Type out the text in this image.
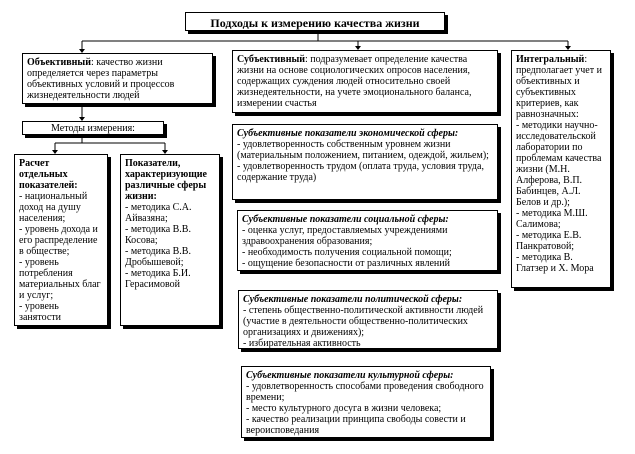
Подходы к измерению качества жизни
Объективный: качество жизни определяется через параметры объективных условий и процессов жизнедеятельности людей
Методы измерения:
Расчет
отдельных
показателей:
- национальный доход на душу населения;
- уровень дохода и его распределение в обществе;
- уровень потребления материальных благ и услуг;
- уровень занятости
Показатели,
характеризующие
различные сферы
жизни:
- методика С.А. Айвазяна;
- методика В.В. Косова;
- методика В.В. Дробышевой;
- методика Б.И. Герасимовой
Субъективный: подразумевает определение качества жизни на основе социологических опросов населения, содержащих суждения людей относительно своей жизнедеятельности, на учете эмоционального баланса, измерении счастья
Субъективные показатели экономической сферы:
- удовлетворенность собственным уровнем жизни (материальным положением, питанием, одеждой, жильем);
- удовлетворенность трудом (оплата труда, условия труда, содержание труда)
Субъективные показатели социальной сферы:
- оценка услуг, предоставляемых учреждениями здравоохранения образования;
- необходимость получения социальной помощи;
- ощущение безопасности от различных явлений
Субъективные показатели политической сферы:
- степень общественно-политической активности людей (участие в деятельности общественно-политических организациях и движениях);
- избирательная активность
Субъективные показатели культурной сферы:
- удовлетворенность способами проведения свободного времени;
- место культурного досуга в жизни человека;
- качество реализации принципа свободы совести и вероисповедания
Интегральный: предполагает учет и объективных и субъективных критериев, как равнозначных:
- методики научно-исследовательской лаборатории по проблемам качества жизни (М.Н. Алферова, В.П. Бабинцев, А.Л. Белов и др.);
- методика М.Ш. Салимова;
- методика Е.В. Панкратовой;
- методика В. Глатзер и Х. Мора
